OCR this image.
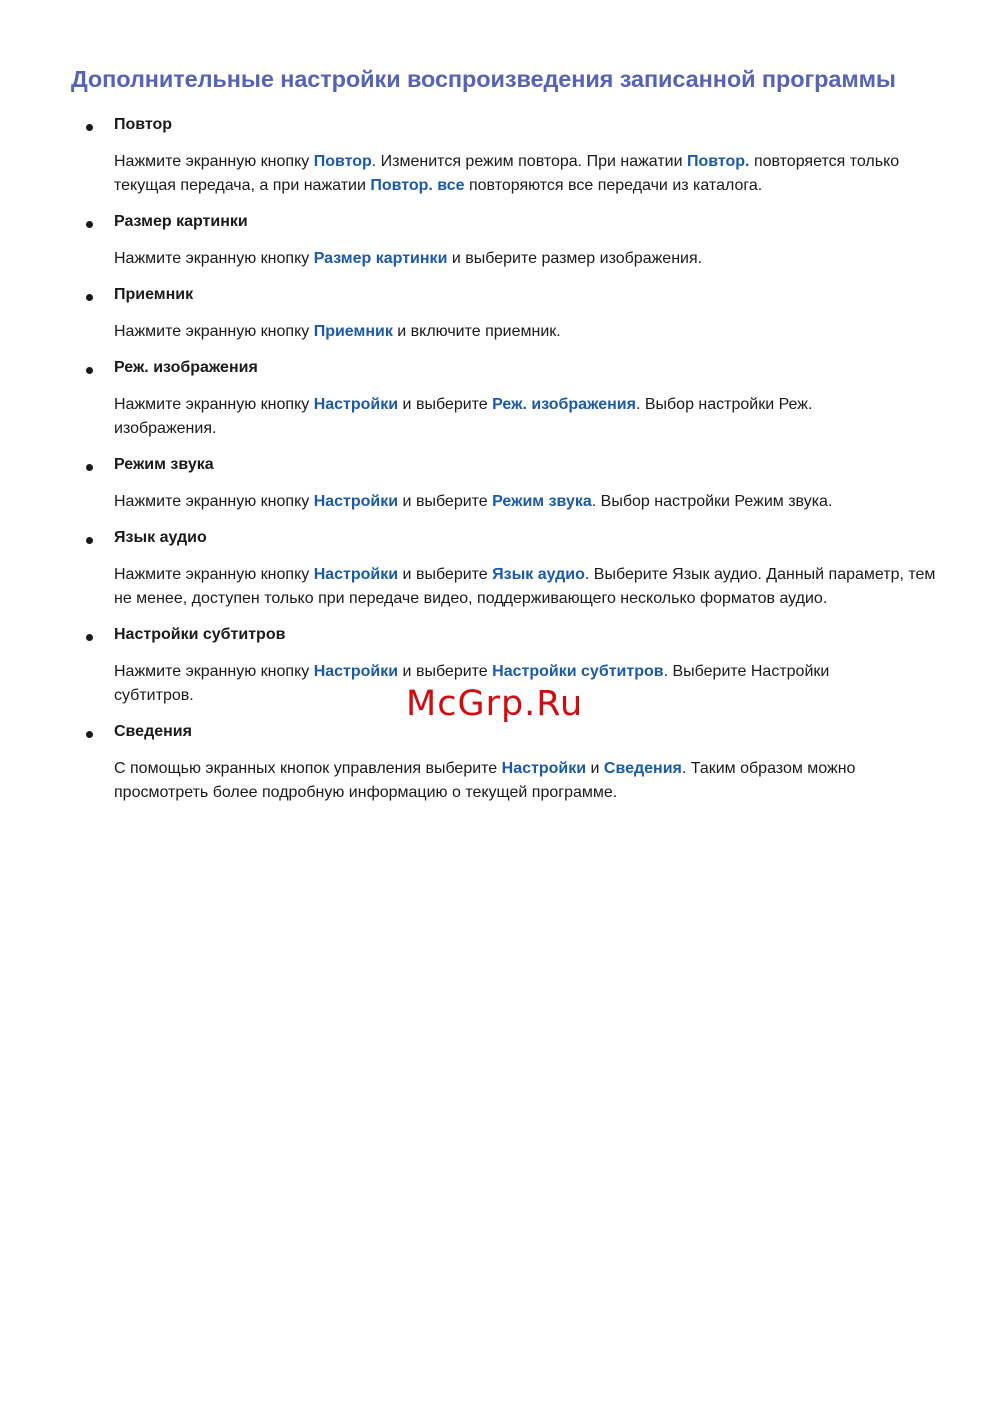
Дополнительные настройки воспроизведения записанной программы
Повтор

Нажмите экранную кнопку Повтор. Изменится режим повтора. При нажатии Повтор. повторяется только текущая передача, а при нажатии Повтор. все повторяются все передачи из каталога.

Размер картинки

Нажмите экранную кнопку Размер картинки и выберите размер изображения.

Приемник

Нажмите экранную кнопку Приемник и включите приемник.

Реж. изображения

Нажмите экранную кнопку Настройки и выберите Реж. изображения. Выбор настройки Реж. изображения.

Режим звука

Нажмите экранную кнопку Настройки и выберите Режим звука. Выбор настройки Режим звука.

Язык аудио

Нажмите экранную кнопку Настройки и выберите Язык аудио. Выберите Язык аудио. Данный параметр, тем не менее, доступен только при передаче видео, поддерживающего несколько форматов аудио.

Настройки субтитров

Нажмите экранную кнопку Настройки и выберите Настройки субтитров. Выберите Настройки субтитров.

Сведения

С помощью экранных кнопок управления выберите Настройки и Сведения. Таким образом можно просмотреть более подробную информацию о текущей программе.

McGrp.Ru
